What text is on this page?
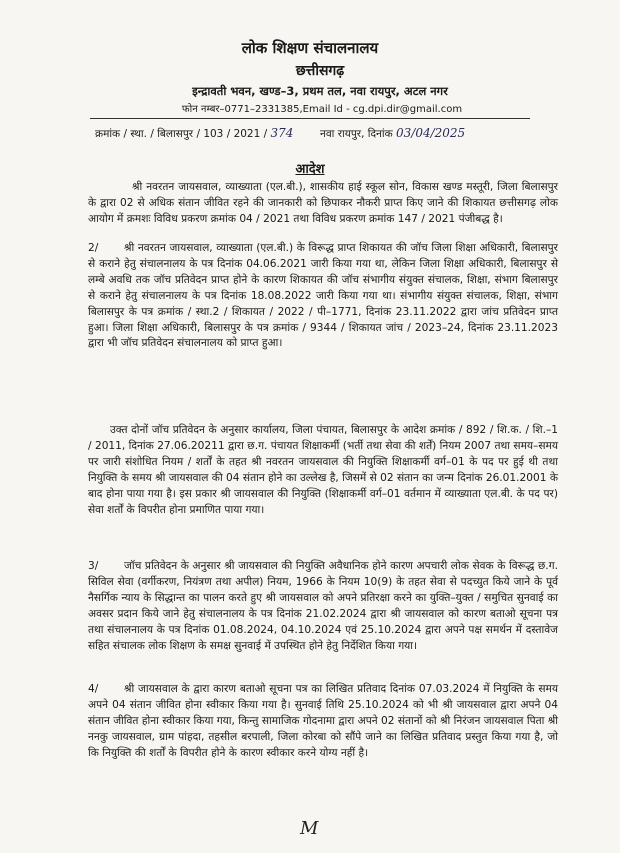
लोक शिक्षण संचालनालय
छत्तीसगढ़
इन्द्रावती भवन, खण्ड–3, प्रथम तल, नवा रायपुर, अटल नगर
फोन नम्बर–0771–2331385,Email Id - cg.dpi.dir@gmail.com
क्रमांक / स्था. / बिलासपुर / 103 / 2021 / 374	नवा रायपुर, दिनांक 03/04/2025
आदेश

श्री नवरतन जायसवाल, व्याख्याता (एल.बी.), शासकीय हाई स्कूल सोन, विकास खण्ड मस्तूरी, जिला बिलासपुर के द्वारा 02 से अधिक संतान जीवित रहने की जानकारी को छिपाकर नौकरी प्राप्त किए जाने की शिकायत छत्तीसगढ़ लोक आयोग में क्रमशः विविध प्रकरण क्रमांक 04 / 2021 तथा विविध प्रकरण क्रमांक 147 / 2021 पंजीबद्ध है।

2/ श्री नवरतन जायसवाल, व्याख्याता (एल.बी.) के विरूद्ध प्राप्त शिकायत की जॉच जिला शिक्षा अधिकारी, बिलासपुर से कराने हेतु संचालनालय के पत्र दिनांक 04.06.2021 जारी किया गया था, लेकिन जिला शिक्षा अधिकारी, बिलासपुर से लम्बे अवधि तक जॉच प्रतिवेदन प्राप्त होने के कारण शिकायत की जॉच संभागीय संयुक्त संचालक, शिक्षा, संभाग बिलासपुर से कराने हेतु संचालनालय के पत्र दिनांक 18.08.2022 जारी किया गया था। संभागीय संयुक्त संचालक, शिक्षा, संभाग बिलासपुर के पत्र क्रमांक / स्था.2 / शिकायत / 2022 / पी–1771, दिनांक 23.11.2022 द्वारा जांच प्रतिवेदन प्राप्त हुआ। जिला शिक्षा अधिकारी, बिलासपुर के पत्र क्रमांक / 9344 / शिकायत जांच / 2023–24, दिनांक 23.11.2023 द्वारा भी जॉच प्रतिवेदन संचालनालय को प्राप्त हुआ।

उक्त दोनों जॉच प्रतिवेदन के अनुसार कार्यालय, जिला पंचायत, बिलासपुर के आदेश क्रमांक / 892 / शि.क. / शि.–1 / 2011, दिनांक 27.06.20211 द्वारा छ.ग. पंचायत शिक्षाकर्मी (भर्ती तथा सेवा की शर्तें) नियम 2007 तथा समय–समय पर जारी संशोधित नियम / शर्तों के तहत श्री नवरतन जायसवाल की नियुक्ति शिक्षाकर्मी वर्ग–01 के पद पर हुई थी तथा नियुक्ति के समय श्री जायसवाल की 04 संतान होने का उल्लेख है, जिसमें से 02 संतान का जन्म दिनांक 26.01.2001 के बाद होना पाया गया है। इस प्रकार श्री जायसवाल की नियुक्ति (शिक्षाकर्मी वर्ग–01 वर्तमान में व्याख्याता एल.बी. के पद पर) सेवा शर्तों के विपरीत होना प्रमाणित पाया गया।

3/ जॉच प्रतिवेदन के अनुसार श्री जायसवाल की नियुक्ति अवैधानिक होने कारण अपचारी लोक सेवक के विरूद्ध छ.ग. सिविल सेवा (वर्गीकरण, नियंत्रण तथा अपील) नियम, 1966 के नियम 10(9) के तहत सेवा से पदच्युत किये जाने के पूर्व नैसर्गिक न्याय के सिद्धान्त का पालन करते हुए श्री जायसवाल को अपने प्रतिरक्षा करने का युक्ति–युक्त / समुचित सुनवाई का अवसर प्रदान किये जाने हेतु संचालनालय के पत्र दिनांक 21.02.2024 द्वारा श्री जायसवाल को कारण बताओ सूचना पत्र तथा संचालनालय के पत्र दिनांक 01.08.2024, 04.10.2024 एवं 25.10.2024 द्वारा अपने पक्ष समर्थन में दस्तावेज सहित संचालक लोक शिक्षण के समक्ष सुनवाई में उपस्थित होने हेतु निर्देशित किया गया।

4/ श्री जायसवाल के द्वारा कारण बताओ सूचना पत्र का लिखित प्रतिवाद दिनांक 07.03.2024 में नियुक्ति के समय अपने 04 संतान जीवित होना स्वीकार किया गया है। सुनवाई तिथि 25.10.2024 को भी श्री जायसवाल द्वारा अपने 04 संतान जीवित होना स्वीकार किया गया, किन्तु सामाजिक गोदनामा द्वारा अपने 02 संतानों को श्री निरंजन जायसवाल पिता श्री ननकु जायसवाल, ग्राम पांहदा, तहसील बरपाली, जिला कोरबा को सौंपे जाने का लिखित प्रतिवाद प्रस्तुत किया गया है, जो कि नियुक्ति की शर्तों के विपरीत होने के कारण स्वीकार करने योग्य नहीं है।

M
